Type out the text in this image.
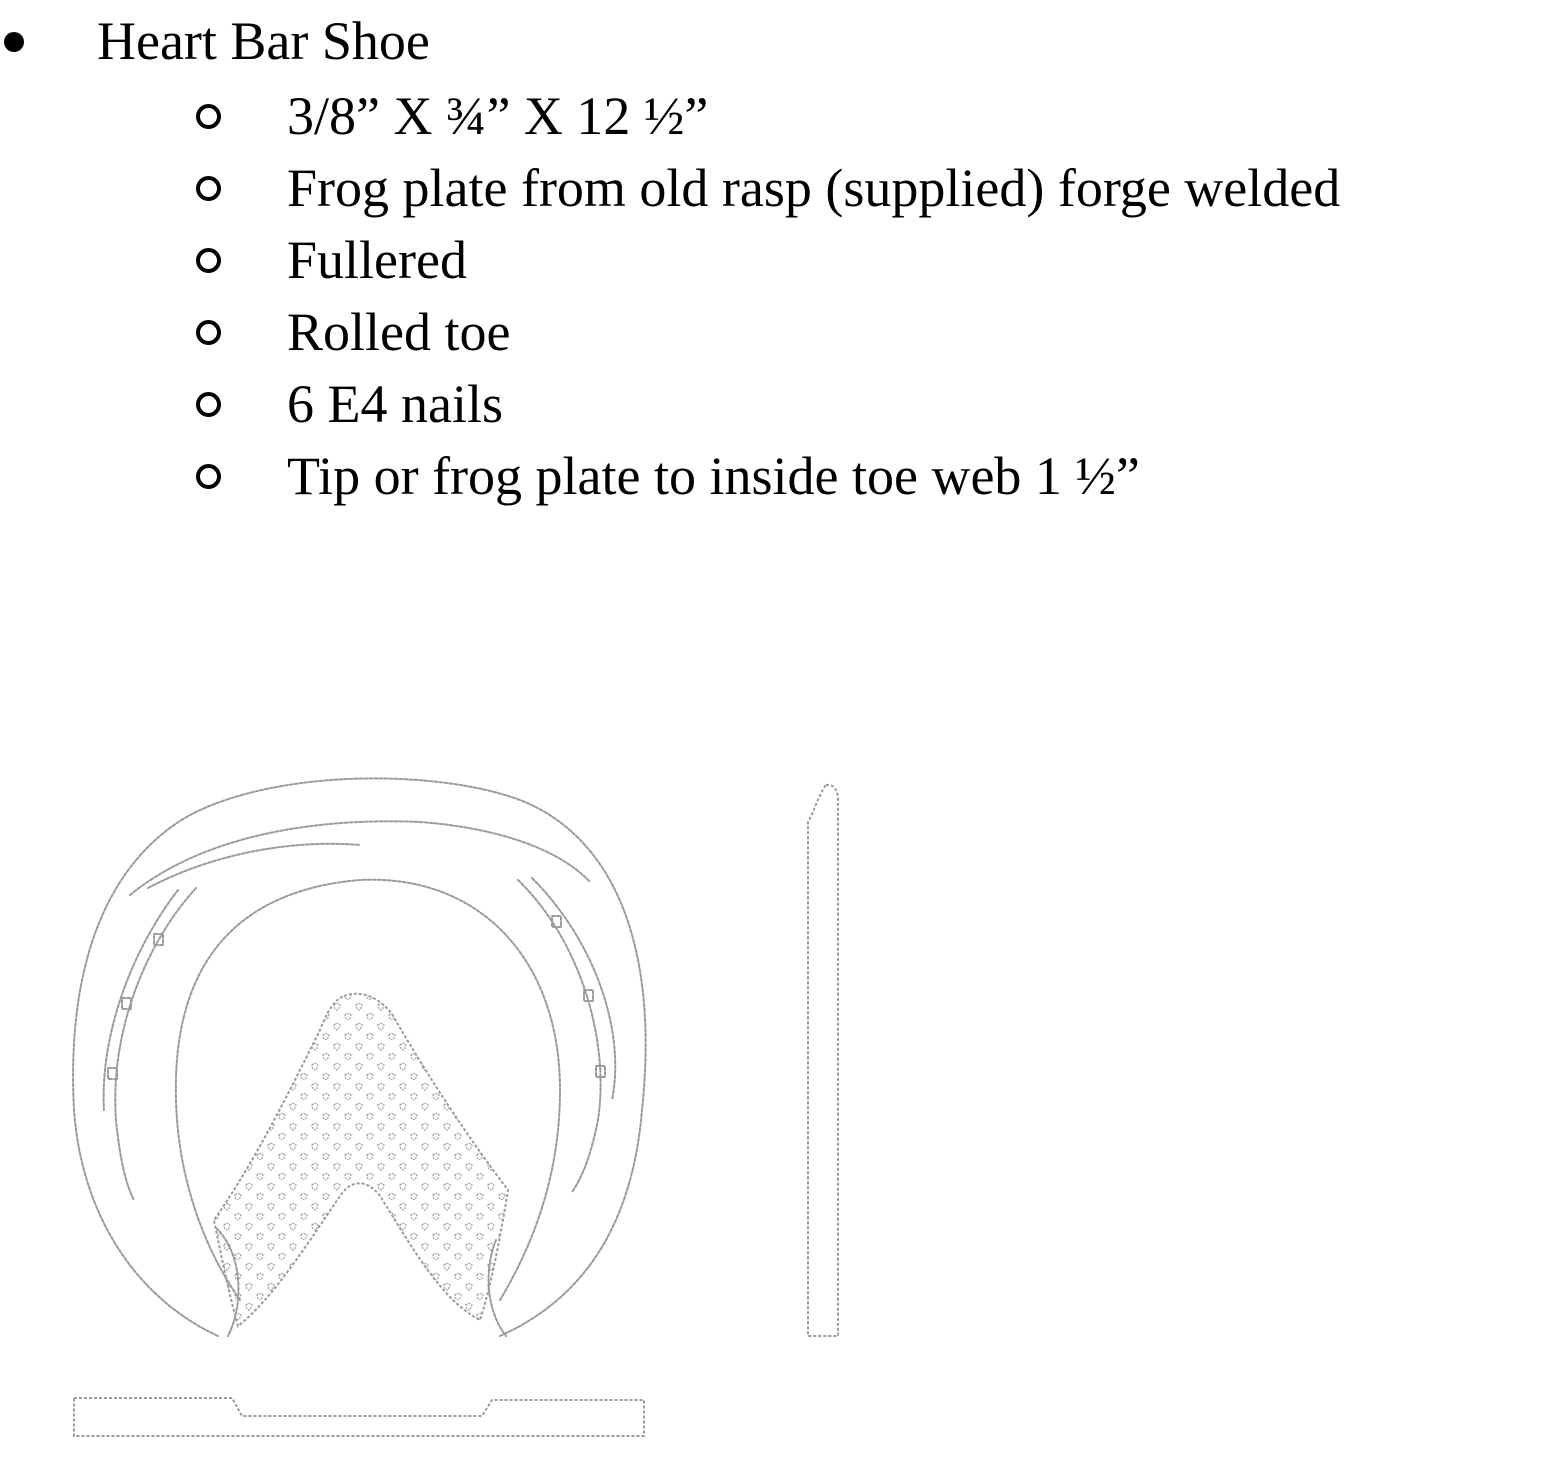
Heart Bar Shoe
3/8” X ¾” X 12 ½”
Frog plate from old rasp (supplied) forge welded
Fullered
Rolled toe
6 E4 nails
Tip or frog plate to inside toe web 1 ½”
